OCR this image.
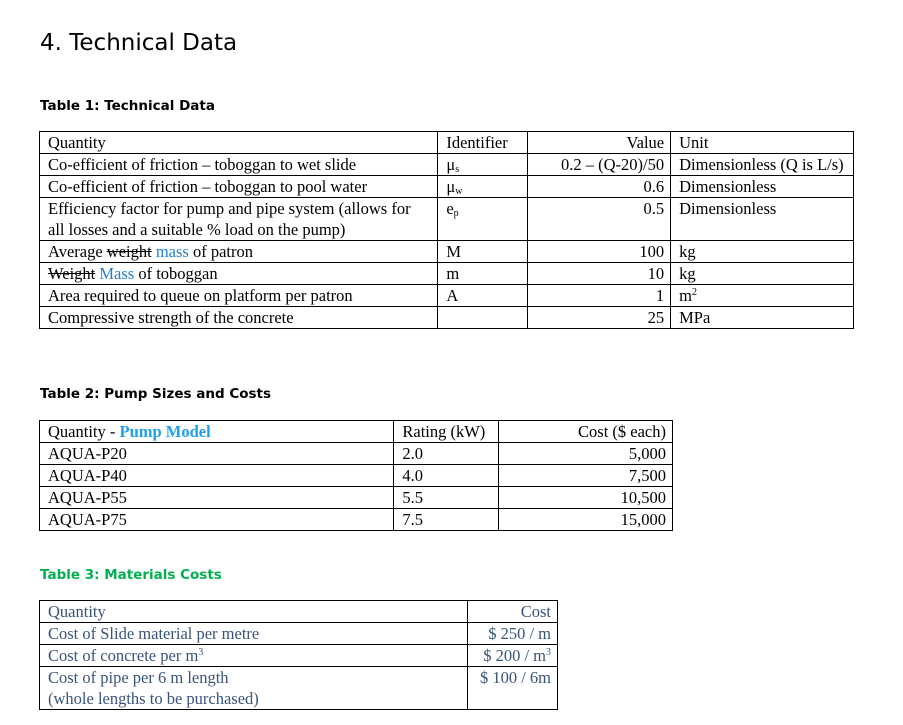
4. Technical Data
Table 1: Technical Data
Quantity	Identifier	Value	Unit
Co-efficient of friction – toboggan to wet slide	$\mu_s$	0.2 – (Q-20)/50	Dimensionless (Q is L/s)
Co-efficient of friction – toboggan to pool water	$\mu_w$	0.6	Dimensionless
Efficiency factor for pump and pipe system (allows for all losses and a suitable % load on the pump)	$e_p$	0.5	Dimensionless
Average weight mass of patron	M	100	kg
Weight Mass of toboggan	m	10	kg
Area required to queue on platform per patron	A	1	$m^2$
Compressive strength of the concrete		25	MPa
Table 2: Pump Sizes and Costs
Quantity - Pump Model	Rating (kW)	Cost ($ each)
AQUA-P20	2.0	5,000
AQUA-P40	4.0	7,500
AQUA-P55	5.5	10,500
AQUA-P75	7.5	15,000
Table 3: Materials Costs
Quantity	Cost
Cost of Slide material per metre	$ 250 / m
Cost of concrete per $m^3$	$ $200 / m^3$

Cost of pipe per 6 m length
(whole lengths to be purchased)	$ 100 / 6m
